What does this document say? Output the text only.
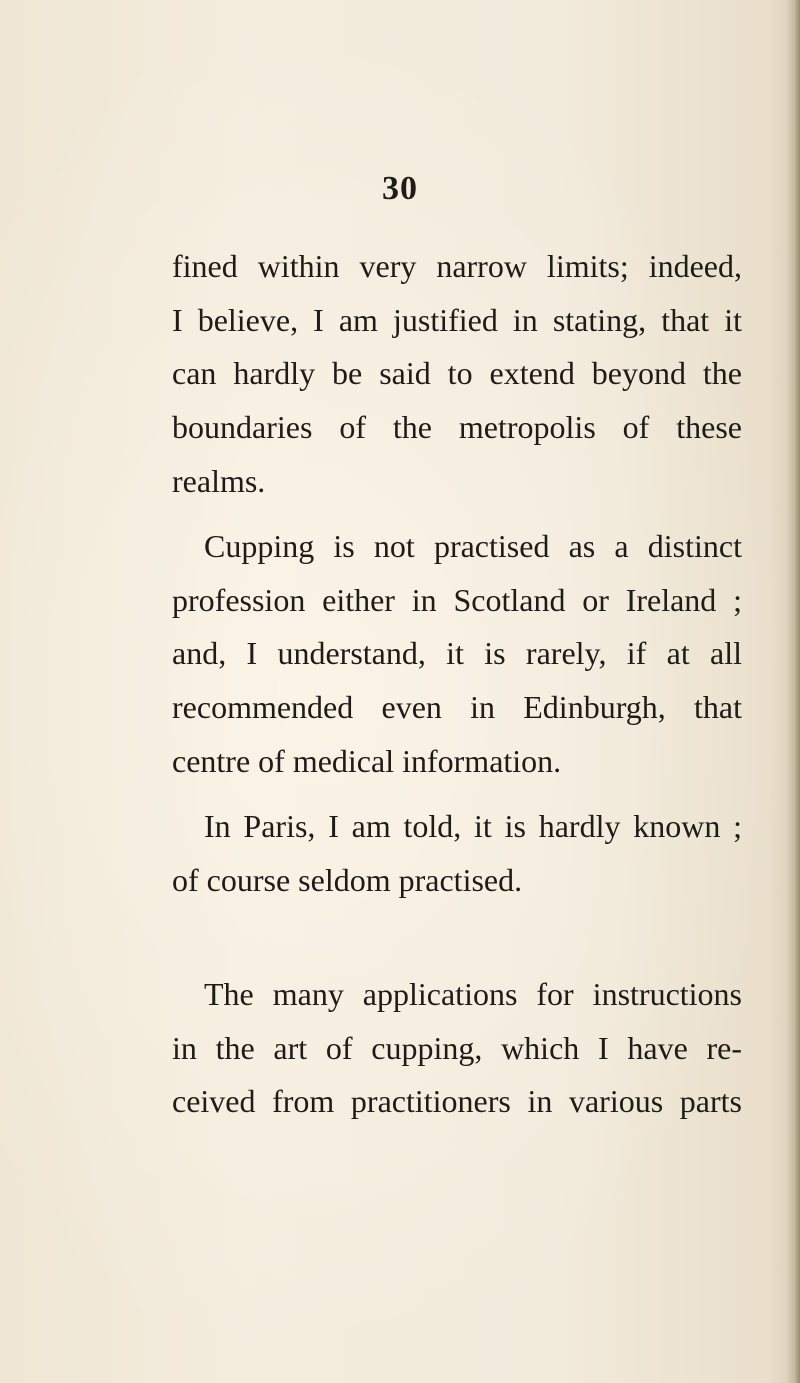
30
fined within very narrow limits; indeed,
I believe, I am justified in stating, that it
can hardly be said to extend beyond the
boundaries of the metropolis of these
realms.
Cupping is not practised as a distinct
profession either in Scotland or Ireland ;
and, I understand, it is rarely, if at all
recommended even in Edinburgh, that
centre of medical information.
In Paris, I am told, it is hardly known ;
of course seldom practised.
The many applications for instructions
in the art of cupping, which I have re-
ceived from practitioners in various parts
